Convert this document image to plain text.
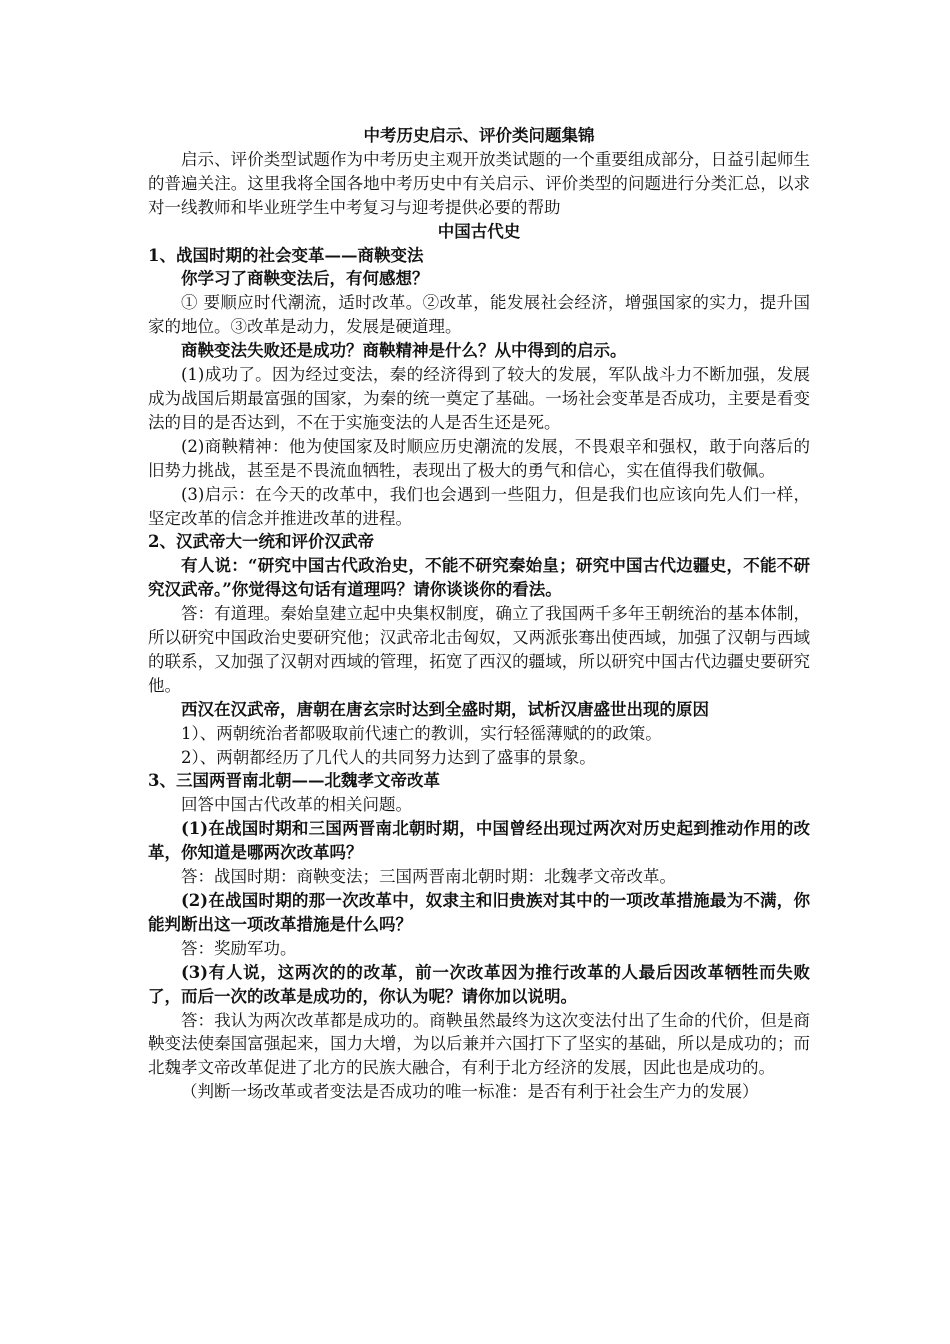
中考历史启示、评价类问题集锦

启示、评价类型试题作为中考历史主观开放类试题的一个重要组成部分，日益引起师生的普遍关注。这里我将全国各地中考历史中有关启示、评价类型的问题进行分类汇总，以求对一线教师和毕业班学生中考复习与迎考提供必要的帮助

中国古代史

1、战国时期的社会变革——商鞅变法

你学习了商鞅变法后，有何感想？

① 要顺应时代潮流，适时改革。②改革，能发展社会经济，增强国家的实力，提升国家的地位。③改革是动力，发展是硬道理。

商鞅变法失败还是成功？商鞅精神是什么？从中得到的启示。

(1)成功了。因为经过变法，秦的经济得到了较大的发展，军队战斗力不断加强，发展成为战国后期最富强的国家，为秦的统一奠定了基础。一场社会变革是否成功，主要是看变法的目的是否达到，不在于实施变法的人是否生还是死。

(2)商鞅精神：他为使国家及时顺应历史潮流的发展，不畏艰辛和强权，敢于向落后的旧势力挑战，甚至是不畏流血牺牲，表现出了极大的勇气和信心，实在值得我们敬佩。

(3)启示：在今天的改革中，我们也会遇到一些阻力，但是我们也应该向先人们一样，坚定改革的信念并推进改革的进程。

2、汉武帝大一统和评价汉武帝

有人说：“研究中国古代政治史，不能不研究秦始皇；研究中国古代边疆史，不能不研究汉武帝。”你觉得这句话有道理吗？请你谈谈你的看法。

答：有道理。秦始皇建立起中央集权制度，确立了我国两千多年王朝统治的基本体制，所以研究中国政治史要研究他；汉武帝北击匈奴，又两派张骞出使西域，加强了汉朝与西域的联系，又加强了汉朝对西域的管理，拓宽了西汉的疆域，所以研究中国古代边疆史要研究他。

西汉在汉武帝，唐朝在唐玄宗时达到全盛时期，试析汉唐盛世出现的原因

1）、两朝统治者都吸取前代速亡的教训，实行轻徭薄赋的的政策。

2）、两朝都经历了几代人的共同努力达到了盛事的景象。

3、三国两晋南北朝——北魏孝文帝改革

回答中国古代改革的相关问题。

(1)在战国时期和三国两晋南北朝时期，中国曾经出现过两次对历史起到推动作用的改革，你知道是哪两次改革吗？

答：战国时期：商鞅变法；三国两晋南北朝时期：北魏孝文帝改革。

(2)在战国时期的那一次改革中，奴隶主和旧贵族对其中的一项改革措施最为不满，你能判断出这一项改革措施是什么吗？

答：奖励军功。

(3)有人说，这两次的的改革，前一次改革因为推行改革的人最后因改革牺牲而失败了，而后一次的改革是成功的，你认为呢？请你加以说明。

答：我认为两次改革都是成功的。商鞅虽然最终为这次变法付出了生命的代价，但是商鞅变法使秦国富强起来，国力大增，为以后兼并六国打下了坚实的基础，所以是成功的；而北魏孝文帝改革促进了北方的民族大融合，有利于北方经济的发展，因此也是成功的。

（判断一场改革或者变法是否成功的唯一标准：是否有利于社会生产力的发展）
